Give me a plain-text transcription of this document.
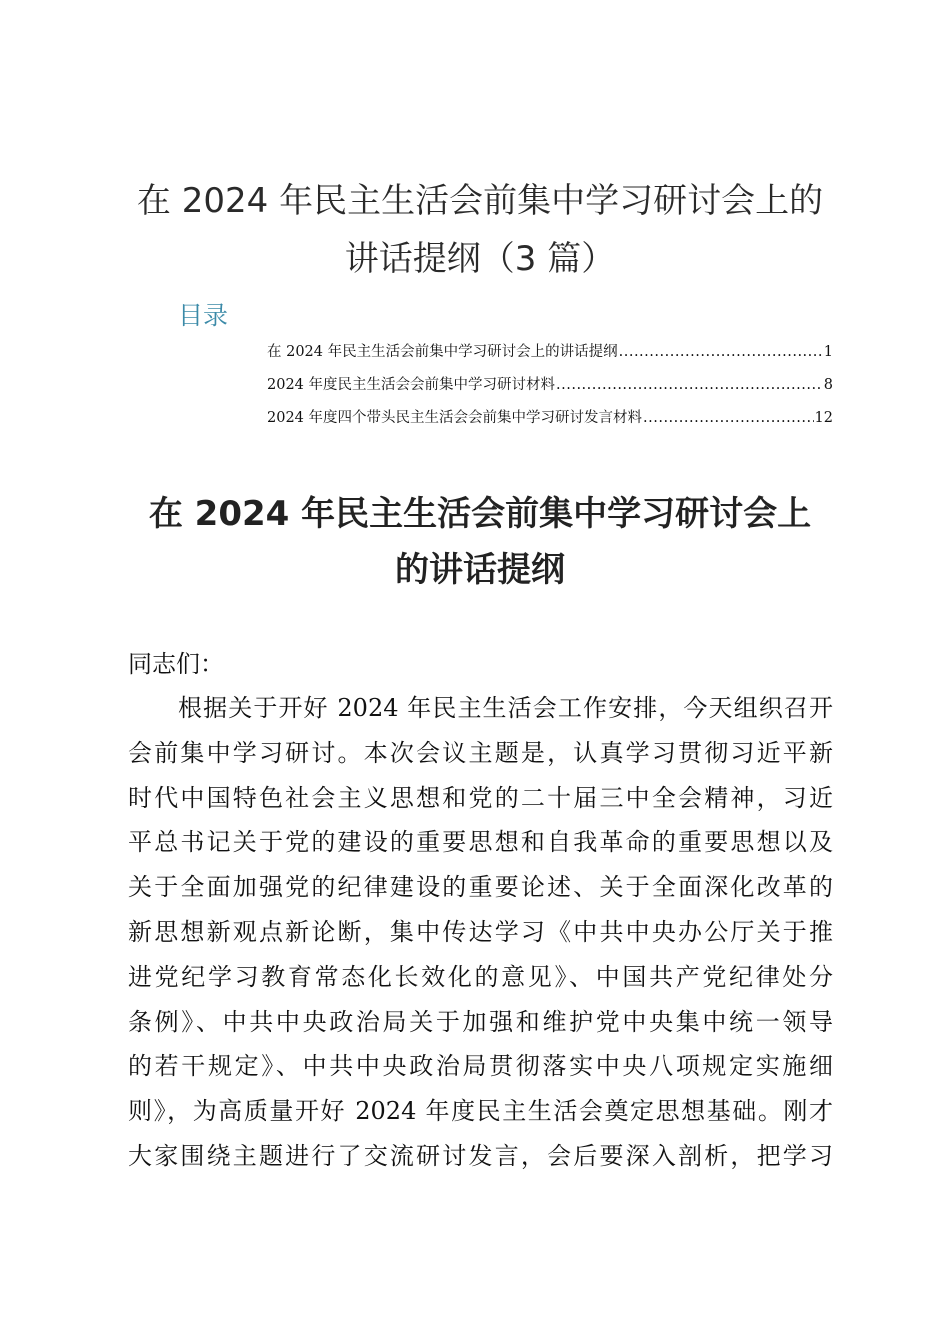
在 2024 年民主生活会前集中学习研讨会上的
讲话提纲（3 篇）
目录
在 2024 年民主生活会前集中学习研讨会上的讲话提纲 .....	1
2024 年度民主生活会会前集中学习研讨材料 .....	8
2024 年度四个带头民主生活会会前集中学习研讨发言材料 .....	12
在 2024 年民主生活会前集中学习研讨会上
的讲话提纲

同志们：

根据关于开好 2024 年民主生活会工作安排，今天组织召开
会前集中学习研讨。本次会议主题是，认真学习贯彻习近平新
时代中国特色社会主义思想和党的二十届三中全会精神，习近
平总书记关于党的建设的重要思想和自我革命的重要思想以及
关于全面加强党的纪律建设的重要论述、关于全面深化改革的
新思想新观点新论断，集中传达学习《中共中央办公厅关于推
进党纪学习教育常态化长效化的意见》、中国共产党纪律处分
条例》、中共中央政治局关于加强和维护党中央集中统一领导
的若干规定》、中共中央政治局贯彻落实中央八项规定实施细
则》，为高质量开好 2024 年度民主生活会奠定思想基础。刚才
大家围绕主题进行了交流研讨发言，会后要深入剖析，把学习
